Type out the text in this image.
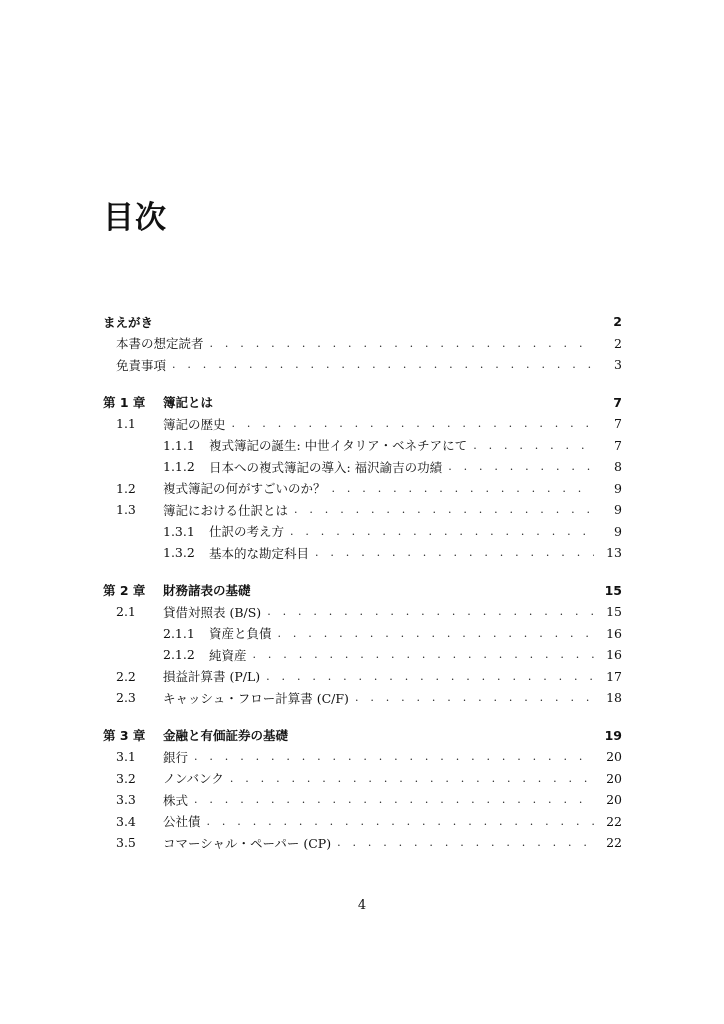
目次
まえがき	2
本書の想定読者 . . .	2
免責事項 . . .	3
第 1 章	簿記とは	7
1.1	簿記の歴史 . . .	7
1.1.1	複式簿記の誕生: 中世イタリア・ベネチアにて . . .	7
1.1.2	日本への複式簿記の導入: 福沢諭吉の功績 . . .	8
1.2	複式簿記の何がすごいのか？ . . .	9
1.3	簿記における仕訳とは . . .	9
1.3.1	仕訳の考え方 . . .	9
1.3.2	基本的な勘定科目 . . .	13
第 2 章	財務諸表の基礎	15
2.1	貸借対照表 (B/S) . . .	15
2.1.1	資産と負債 . . .	16
2.1.2	純資産 . . .	16
2.2	損益計算書 (P/L) . . .	17
2.3	キャッシュ・フロー計算書 (C/F) . . .	18
第 3 章	金融と有価証券の基礎	19
3.1	銀行 . . .	20
3.2	ノンバンク . . .	20
3.3	株式 . . .	20
3.4	公社債 . . .	22
3.5	コマーシャル・ペーパー (CP) . . .	22
4
